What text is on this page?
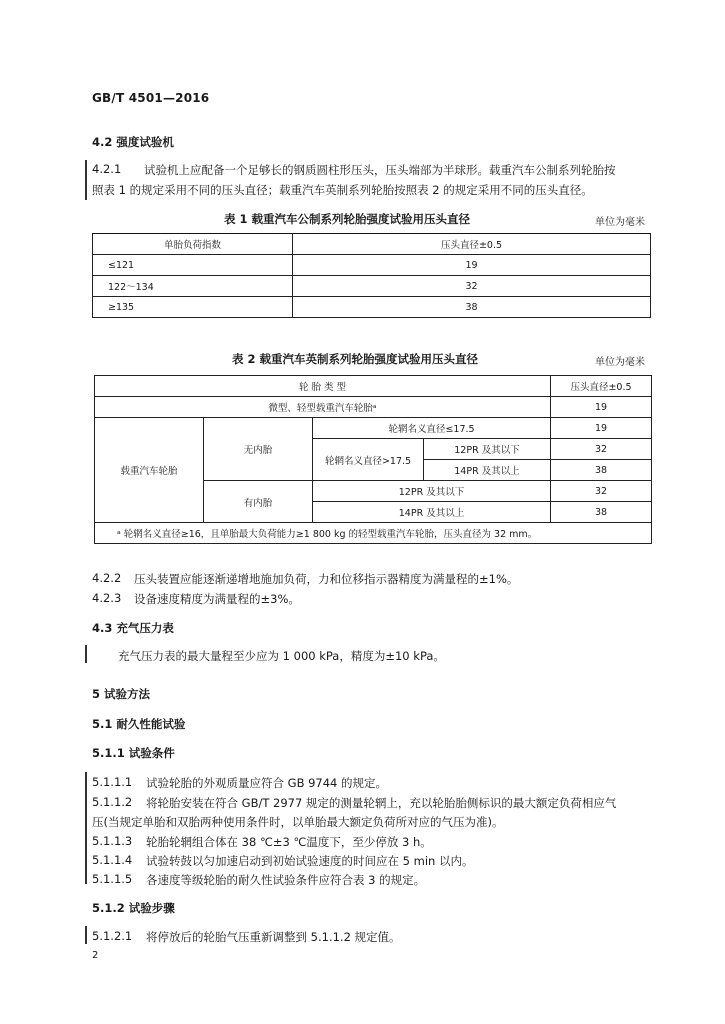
GB/T 4501—2016
4.2 强度试验机
4.2.1 试验机上应配备一个足够长的钢质圆柱形压头，压头端部为半球形。载重汽车公制系列轮胎按
照表 1 的规定采用不同的压头直径；载重汽车英制系列轮胎按照表 2 的规定采用不同的压头直径。
表 1 载重汽车公制系列轮胎强度试验用压头直径	单位为毫米
单胎负荷指数	压头直径±0.5
≤121	19
122～134	32
≥135	38
表 2 载重汽车英制系列轮胎强度试验用压头直径	单位为毫米
轮 胎 类 型				压头直径±0.5
微型、轻型载重汽车轮胎ᵃ				19
载重汽车轮胎	无内胎	轮辋名义直径≤17.5		19
		轮辋名义直径>17.5	12PR 及其以下	32
			14PR 及其以上	38
	有内胎	12PR 及其以下		32
		14PR 及其以上		38
ᵃ 轮辋名义直径≥16，且单胎最大负荷能力≥1 800 kg 的轻型载重汽车轮胎，压头直径为 32 mm。				
4.2.2 压头装置应能逐渐递增地施加负荷，力和位移指示器精度为满量程的±1%。
4.2.3 设备速度精度为满量程的±3%。
4.3 充气压力表
充气压力表的最大量程至少应为 1 000 kPa，精度为±10 kPa。
5 试验方法
5.1 耐久性能试验
5.1.1 试验条件
5.1.1.1 试验轮胎的外观质量应符合 GB 9744 的规定。
5.1.1.2 将轮胎安装在符合 GB/T 2977 规定的测量轮辋上，充以轮胎胎侧标识的最大额定负荷相应气
压(当规定单胎和双胎两种使用条件时，以单胎最大额定负荷所对应的气压为准)。
5.1.1.3 轮胎轮辋组合体在 38 ℃±3 ℃温度下，至少停放 3 h。
5.1.1.4 试验转鼓以匀加速启动到初始试验速度的时间应在 5 min 以内。
5.1.1.5 各速度等级轮胎的耐久性试验条件应符合表 3 的规定。
5.1.2 试验步骤
5.1.2.1 将停放后的轮胎气压重新调整到 5.1.1.2 规定值。
2
